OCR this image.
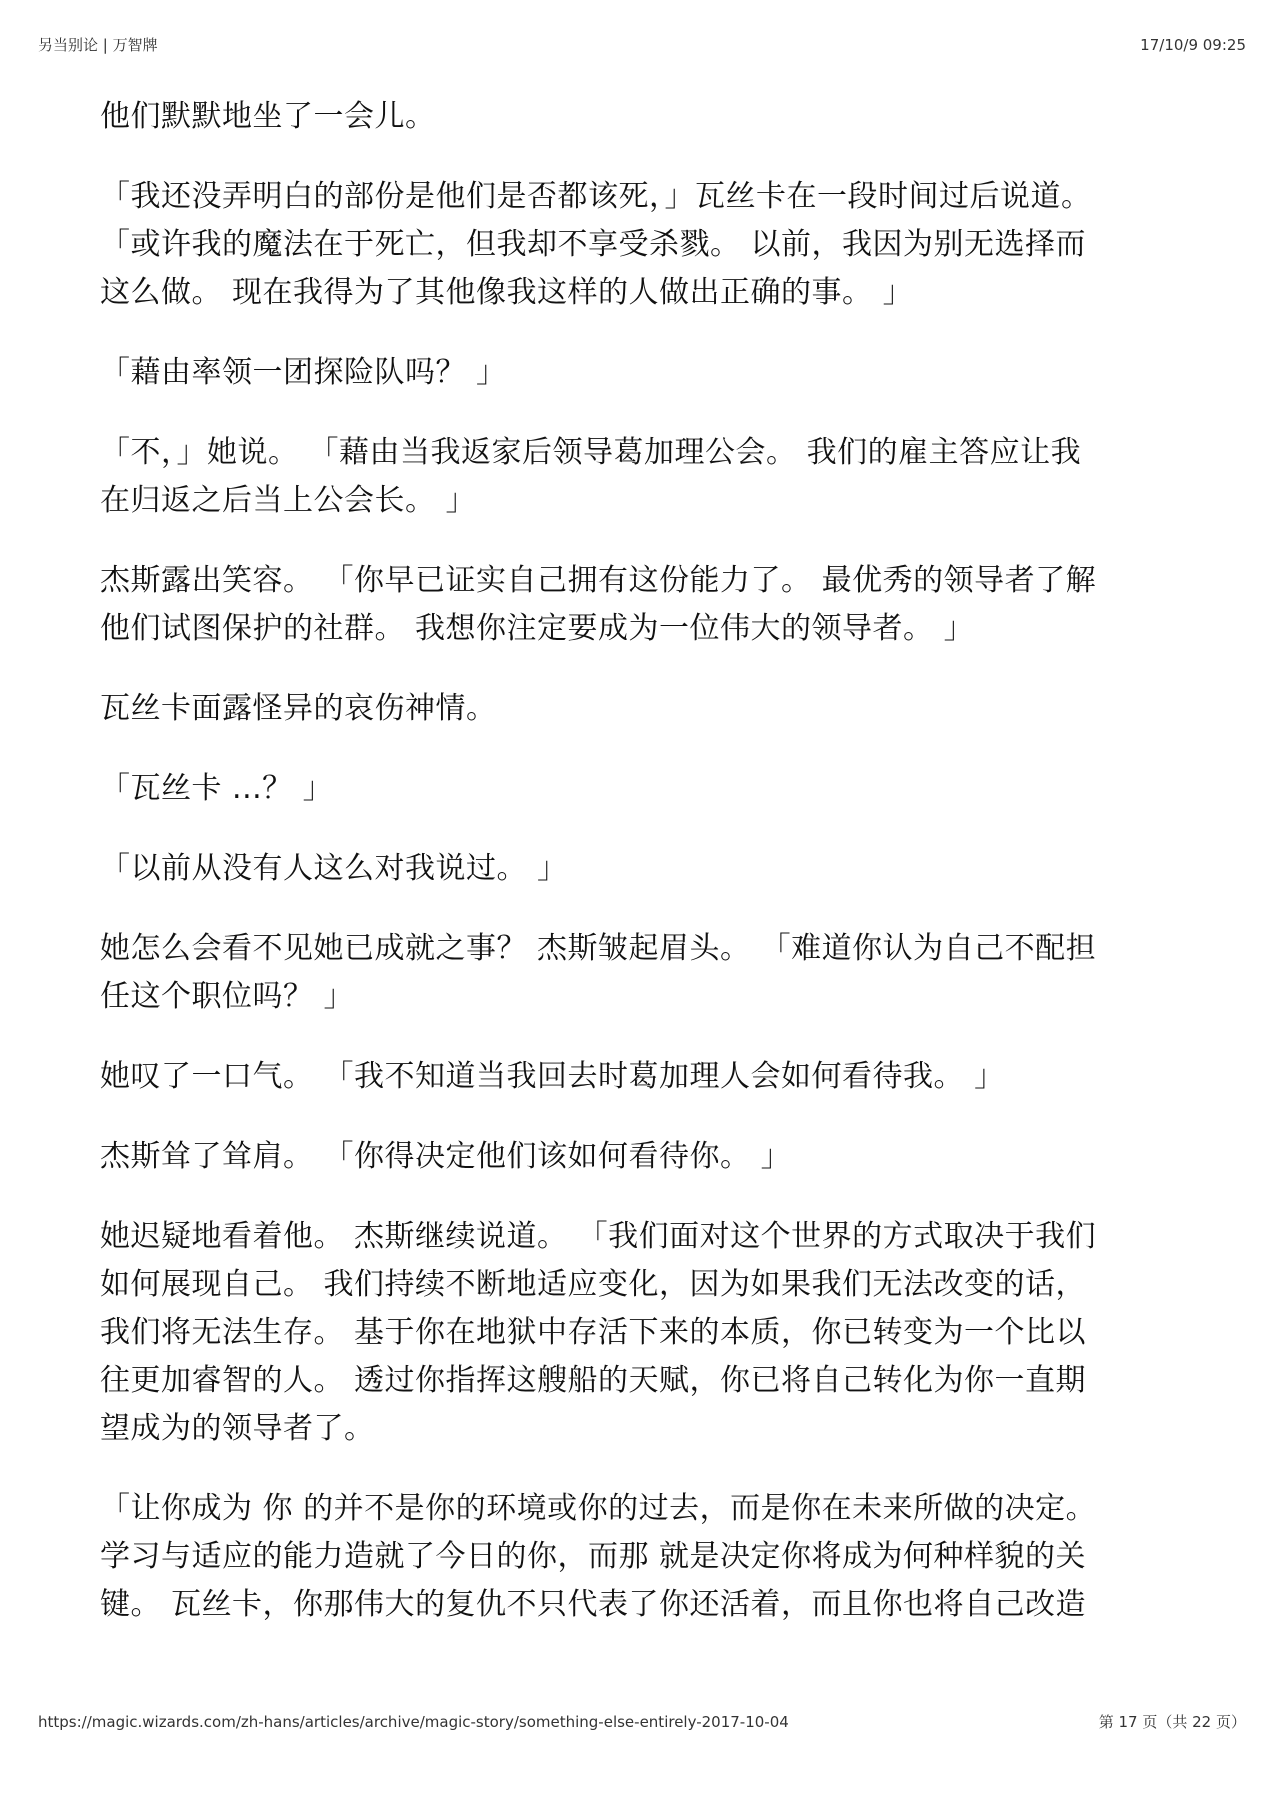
另当别论 | 万智牌	17/10/9 09:25

他们默默地坐了一会儿。

「我还没弄明白的部份是他们是否都该死，」瓦丝卡在一段时间过后说道。
「或许我的魔法在于死亡，但我却不享受杀戮。 以前，我因为别无选择而
这么做。 现在我得为了其他像我这样的人做出正确的事。 」

「藉由率领一团探险队吗？ 」

「不，」她说。 「藉由当我返家后领导葛加理公会。 我们的雇主答应让我
在归返之后当上公会长。 」

杰斯露出笑容。 「你早已证实自己拥有这份能力了。 最优秀的领导者了解
他们试图保护的社群。 我想你注定要成为一位伟大的领导者。 」

瓦丝卡面露怪异的哀伤神情。

「瓦丝卡 ...？ 」

「以前从没有人这么对我说过。 」

她怎么会看不见她已成就之事？ 杰斯皱起眉头。 「难道你认为自己不配担
任这个职位吗？ 」

她叹了一口气。 「我不知道当我回去时葛加理人会如何看待我。 」

杰斯耸了耸肩。 「你得决定他们该如何看待你。 」

她迟疑地看着他。 杰斯继续说道。 「我们面对这个世界的方式取决于我们
如何展现自己。 我们持续不断地适应变化，因为如果我们无法改变的话，
我们将无法生存。 基于你在地狱中存活下来的本质，你已转变为一个比以
往更加睿智的人。 透过你指挥这艘船的天赋，你已将自己转化为你一直期
望成为的领导者了。

「让你成为 你 的并不是你的环境或你的过去，而是你在未来所做的决定。
学习与适应的能力造就了今日的你，而那 就是决定你将成为何种样貌的关
键。 瓦丝卡，你那伟大的复仇不只代表了你还活着，而且你也将自己改造

https://magic.wizards.com/zh-hans/articles/archive/magic-story/something-else-entirely-2017-10-04	第 17 页（共 22 页）
